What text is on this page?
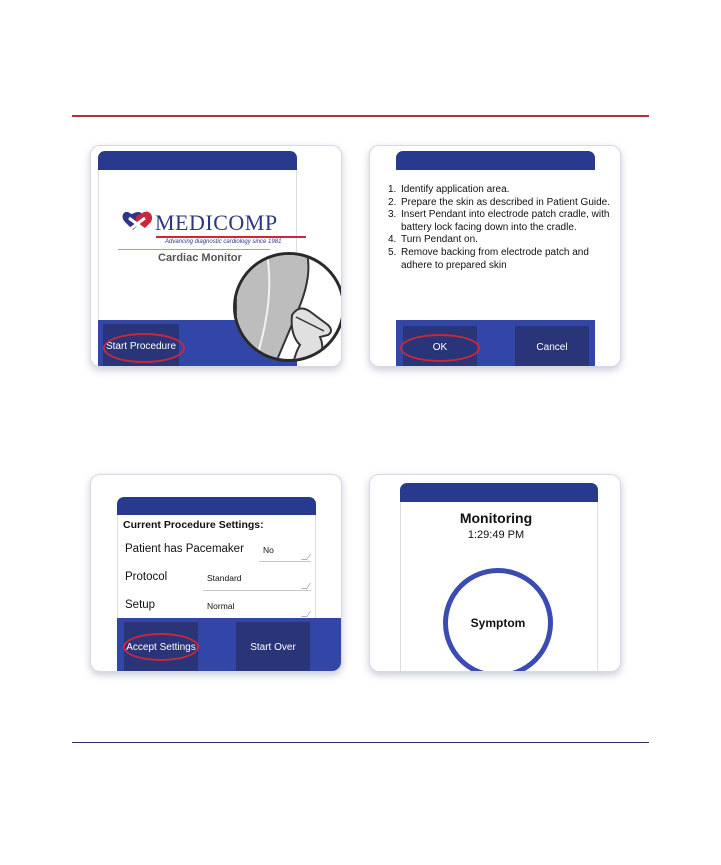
MEDICOMP
Advancing diagnostic cardiology since 1981
Cardiac Monitor
Start Procedure
1. Identify application area.
2. Prepare the skin as described in Patient Guide.
3. Insert Pendant into electrode patch cradle, with battery lock facing down into the cradle.
4. Turn Pendant on.
5. Remove backing from electrode patch and adhere to prepared skin
OK	Cancel
Current Procedure Settings:
Patient has Pacemaker No
Protocol	Standard
Setup	Normal
Accept Settings	Start Over
Monitoring
1:29:49 PM
Symptom
